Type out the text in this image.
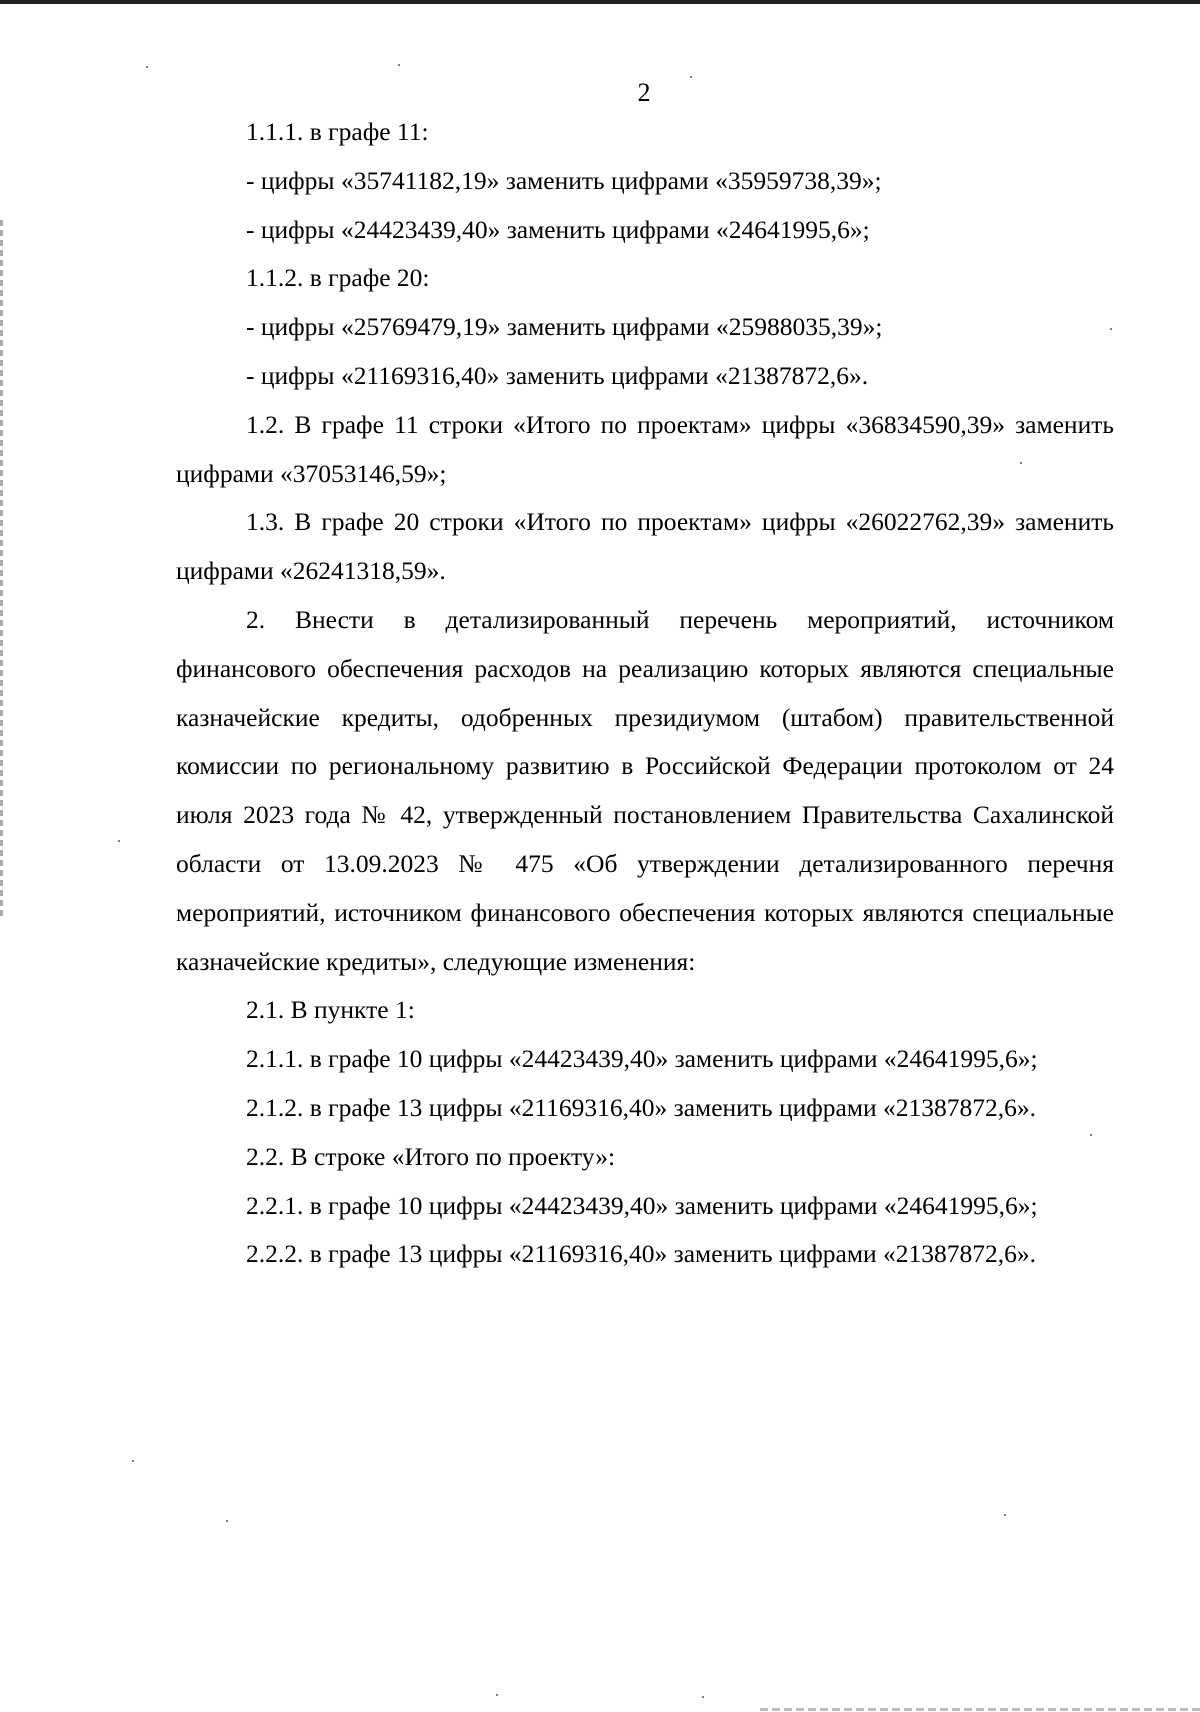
2

1.1.1. в графе 11:

- цифры «35741182,19» заменить цифрами «35959738,39»;

- цифры «24423439,40» заменить цифрами «24641995,6»;

1.1.2. в графе 20:

- цифры «25769479,19» заменить цифрами «25988035,39»;

- цифры «21169316,40» заменить цифрами «21387872,6».

1.2. В графе 11 строки «Итого по проектам» цифры «36834590,39» заменить цифрами «37053146,59»;

1.3. В графе 20 строки «Итого по проектам» цифры «26022762,39» заменить цифрами «26241318,59».

2. Внести в детализированный перечень мероприятий, источником финансового обеспечения расходов на реализацию которых являются специальные казначейские кредиты, одобренных президиумом (штабом) правительственной комиссии по региональному развитию в Российской Федерации протоколом от 24 июля 2023 года № 42, утвержденный постановлением Правительства Сахалинской области от 13.09.2023 № 475 «Об утверждении детализированного перечня мероприятий, источником финансового обеспечения которых являются специальные казначейские кредиты», следующие изменения:

2.1. В пункте 1:

2.1.1. в графе 10 цифры «24423439,40» заменить цифрами «24641995,6»;

2.1.2. в графе 13 цифры «21169316,40» заменить цифрами «21387872,6».

2.2. В строке «Итого по проекту»:

2.2.1. в графе 10 цифры «24423439,40» заменить цифрами «24641995,6»;

2.2.2. в графе 13 цифры «21169316,40» заменить цифрами «21387872,6».
